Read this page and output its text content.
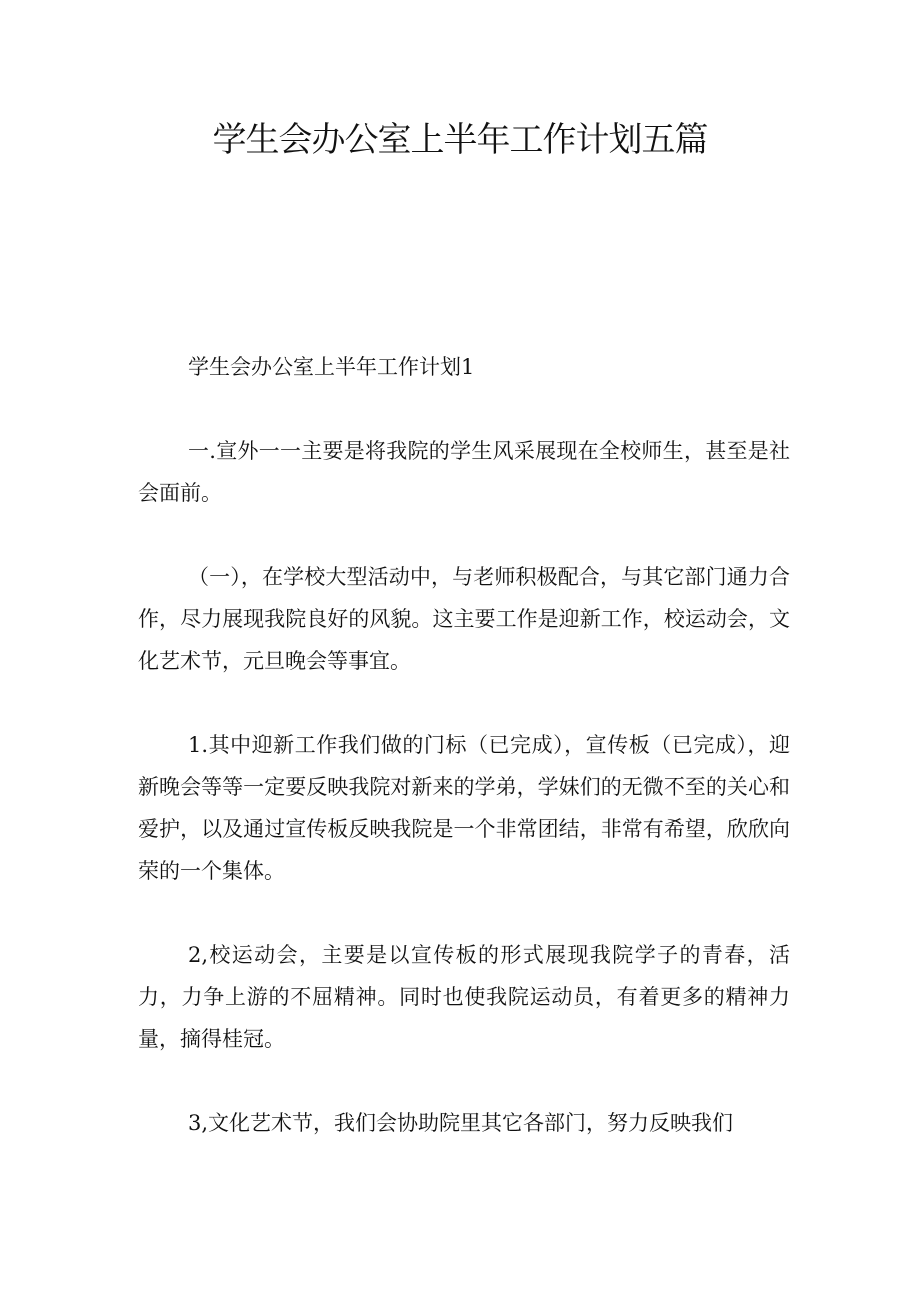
学生会办公室上半年工作计划五篇

学生会办公室上半年工作计划1

一.宣外一一主要是将我院的学生风采展现在全校师生，甚至是社会面前。

（一），在学校大型活动中，与老师积极配合，与其它部门通力合作，尽力展现我院良好的风貌。这主要工作是迎新工作，校运动会，文化艺术节，元旦晚会等事宜。

1.其中迎新工作我们做的门标（已完成），宣传板（已完成），迎新晚会等等一定要反映我院对新来的学弟，学妹们的无微不至的关心和爱护，以及通过宣传板反映我院是一个非常团结，非常有希望，欣欣向荣的一个集体。

2,校运动会，主要是以宣传板的形式展现我院学子的青春，活力，力争上游的不屈精神。同时也使我院运动员，有着更多的精神力量，摘得桂冠。

3,文化艺术节，我们会协助院里其它各部门，努力反映我们
